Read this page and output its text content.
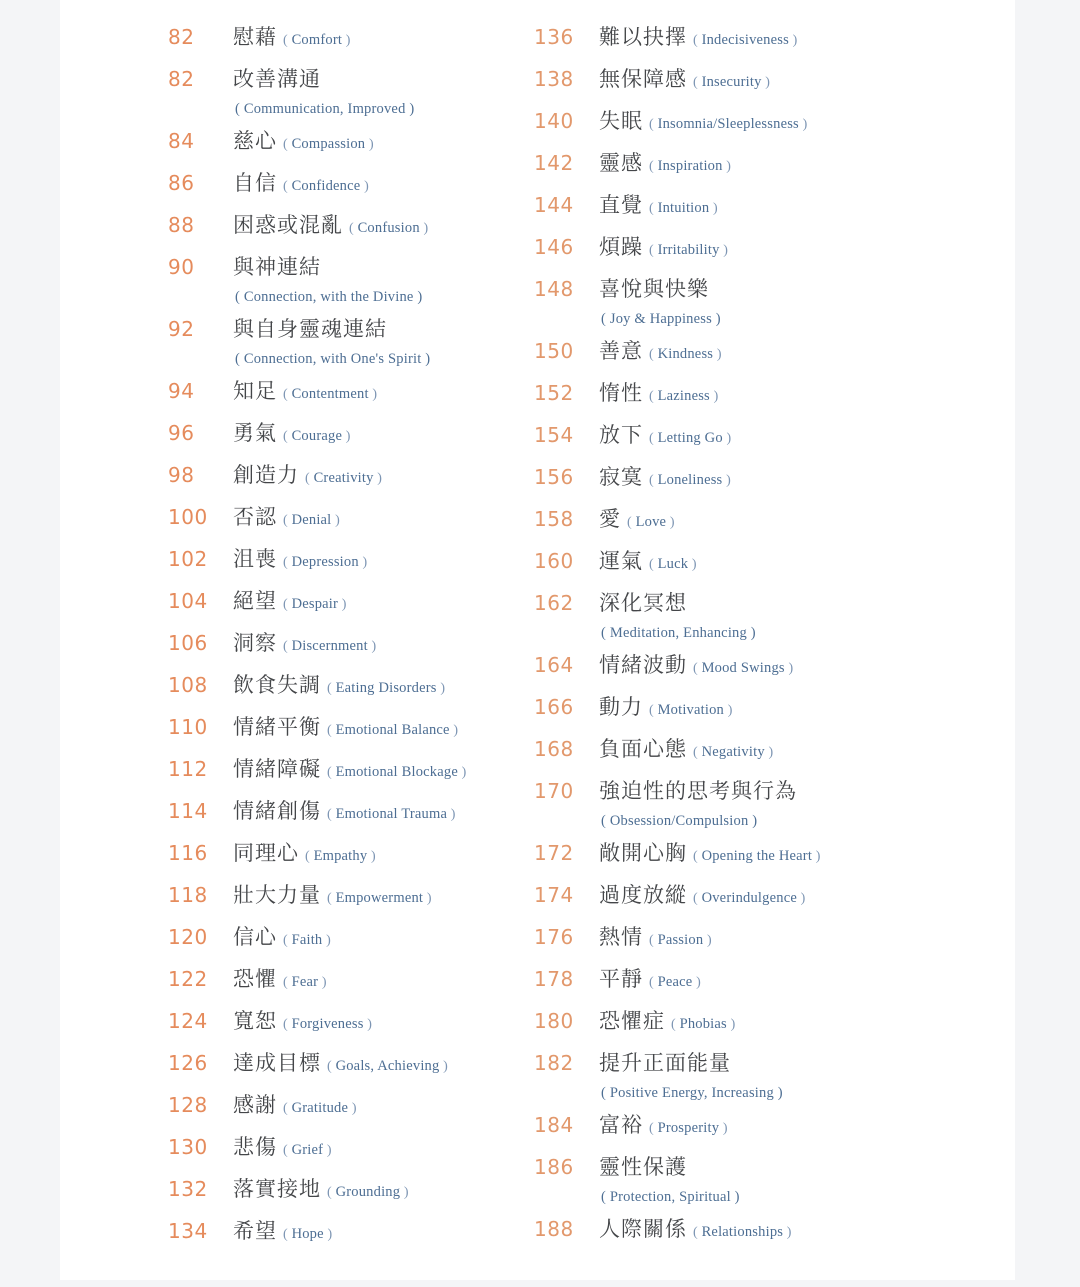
82	慰藉 ( Comfort )
82	改善溝通
( Communication, Improved )
84	慈心 ( Compassion )
86	自信 ( Confidence )
88	困惑或混亂 ( Confusion )
90	與神連結
( Connection, with the Divine )
92	與自身靈魂連結
( Connection, with One's Spirit )
94	知足 ( Contentment )
96	勇氣 ( Courage )
98	創造力 ( Creativity )
100	否認 ( Denial )
102	沮喪 ( Depression )
104	絕望 ( Despair )
106	洞察 ( Discernment )
108	飲食失調 ( Eating Disorders )
110	情緒平衡 ( Emotional Balance )
112	情緒障礙 ( Emotional Blockage )
114	情緒創傷 ( Emotional Trauma )
116	同理心 ( Empathy )
118	壯大力量 ( Empowerment )
120	信心 ( Faith )
122	恐懼 ( Fear )
124	寬恕 ( Forgiveness )
126	達成目標 ( Goals, Achieving )
128	感謝 ( Gratitude )
130	悲傷 ( Grief )
132	落實接地 ( Grounding )
134	希望 ( Hope )
136	難以抉擇 ( Indecisiveness )
138	無保障感 ( Insecurity )
140	失眠 ( Insomnia/Sleeplessness )
142	靈感 ( Inspiration )
144	直覺 ( Intuition )
146	煩躁 ( Irritability )
148	喜悅與快樂
( Joy & Happiness )
150	善意 ( Kindness )
152	惰性 ( Laziness )
154	放下 ( Letting Go )
156	寂寞 ( Loneliness )
158	愛 ( Love )
160	運氣 ( Luck )
162	深化冥想
( Meditation, Enhancing )
164	情緒波動 ( Mood Swings )
166	動力 ( Motivation )
168	負面心態 ( Negativity )
170	強迫性的思考與行為
( Obsession/Compulsion )
172	敞開心胸 ( Opening the Heart )
174	過度放縱 ( Overindulgence )
176	熱情 ( Passion )
178	平靜 ( Peace )
180	恐懼症 ( Phobias )
182	提升正面能量
( Positive Energy, Increasing )
184	富裕 ( Prosperity )
186	靈性保護
( Protection, Spiritual )
188	人際關係 ( Relationships )
